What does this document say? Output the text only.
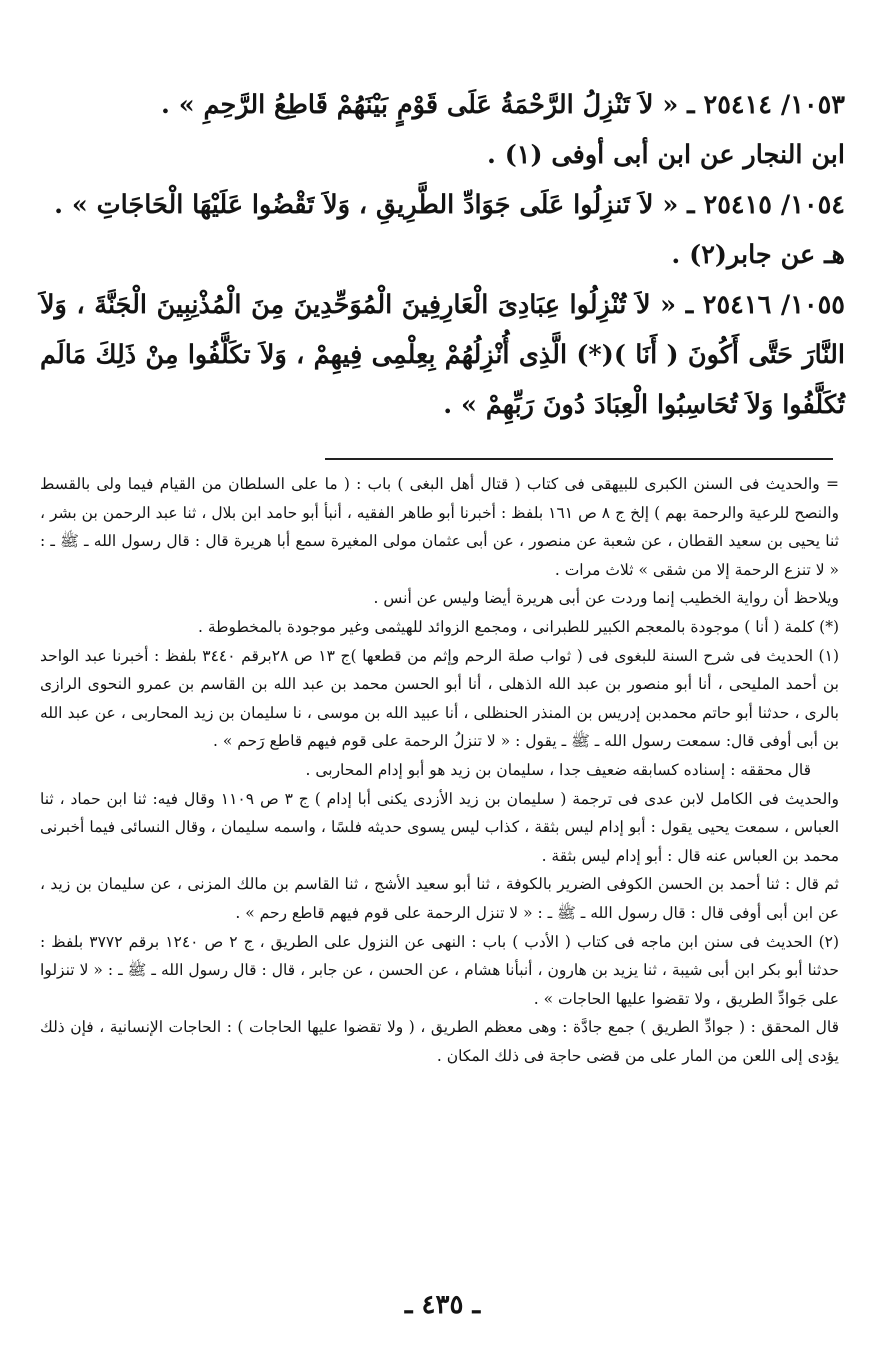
١٠٥٣/ ٢٥٤١٤ ـ « لاَ تَنْزِلُ الرَّحْمَةُ عَلَى قَوْمٍ بَيْنَهُمْ قَاطِعُ الرَّحِمِ » .

ابن النجار عن ابن أبى أوفى (١) .

١٠٥٤/ ٢٥٤١٥ ـ « لاَ تَنزِلُوا عَلَى جَوَادِّ الطَّرِيقِ ، وَلاَ تَقْضُوا عَلَيْهَا الْحَاجَاتِ » .

هـ عن جابر(٢) .

١٠٥٥/ ٢٥٤١٦ ـ « لاَ تُنْزِلُوا عِبَادِىَ الْعَارِفِينَ الْمُوَحِّدِينَ مِنَ الْمُذْنِبِينَ الْجَنَّةَ ، وَلاَ النَّارَ حَتَّى أَكُونَ ( أَنَا )(*) الَّذِى أُنْزِلُهُمْ بِعِلْمِى فِيهِمْ ، وَلاَ تكَلَّفُوا مِنْ ذَلِكَ مَالَم تُكَلَّفُوا وَلاَ تُحَاسِبُوا الْعِبَادَ دُونَ رَبِّهِمْ » .

= والحديث فى السنن الكبرى للبيهقى فى كتاب ( قتال أهل البغى ) باب : ( ما على السلطان من القيام فيما ولى بالقسط والنصح للرعية والرحمة بهم ) إلخ ج ٨ ص ١٦١ بلفظ : أخبرنا أبو طاهر الفقيه ، أنبأ أبو حامد ابن بلال ، ثنا عبد الرحمن بن بشر ، ثنا يحيى بن سعيد القطان ، عن شعبة عن منصور ، عن أبى عثمان مولى المغيرة سمع أبا هريرة قال : قال رسول الله ـ ﷺ ـ : « لا تنزع الرحمة إلا من شقى » ثلاث مرات .

ويلاحظ أن رواية الخطيب إنما وردت عن أبى هريرة أيضا وليس عن أنس .

(*) كلمة ( أنا ) موجودة بالمعجم الكبير للطبرانى ، ومجمع الزوائد للهيثمى وغير موجودة بالمخطوطة .

(١) الحديث فى شرح السنة للبغوى فى ( ثواب صلة الرحم وإثم من قطعها )ج ١٣ ص ٢٨برقم ٣٤٤٠ بلفظ : أخبرنا عبد الواحد بن أحمد المليحى ، أنا أبو منصور بن عبد الله الذهلى ، أنا أبو الحسن محمد بن عبد الله بن القاسم بن عمرو النحوى الرازى بالرى ، حدثنا أبو حاتم محمدبن إدريس بن المنذر الحنظلى ، أنا عبيد الله بن موسى ، نا سليمان بن زيد المحاربى ، عن عبد الله بن أبى أوفى قال: سمعت رسول الله ـ ﷺ ـ يقول : « لا تنزلُ الرحمة على قوم فيهم قاطع رَحم » .

قال محققه : إسناده كسابقه ضعيف جدا ، سليمان بن زيد هو أبو إدام المحاربى .

والحديث فى الكامل لابن عدى فى ترجمة ( سليمان بن زيد الأزدى يكنى أبا إدام ) ج ٣ ص ١١٠٩ وقال فيه: ثنا ابن حماد ، ثنا العباس ، سمعت يحيى يقول : أبو إدام ليس بثقة ، كذاب ليس يسوى حديثه فلسًا ، واسمه سليمان ، وقال النسائى فيما أخبرنى محمد بن العباس عنه قال : أبو إدام ليس بثقة .

ثم قال : ثنا أحمد بن الحسن الكوفى الضرير بالكوفة ، ثنا أبو سعيد الأشج ، ثنا القاسم بن مالك المزنى ، عن سليمان بن زيد ، عن ابن أبى أوفى قال : قال رسول الله ـ ﷺ ـ : « لا تنزل الرحمة على قوم فيهم قاطع رحم » .

(٢) الحديث فى سنن ابن ماجه فى كتاب ( الأدب ) باب : النهى عن النزول على الطريق ، ج ٢ ص ١٢٤٠ برقم ٣٧٧٢ بلفظ : حدثنا أبو بكر ابن أبى شيبة ، ثنا يزيد بن هارون ، أنبأنا هشام ، عن الحسن ، عن جابر ، قال : قال رسول الله ـ ﷺ ـ : « لا تنزلوا على جَوادِّ الطريق ، ولا تقضوا عليها الحاجات » .

قال المحقق : ( جوادِّ الطريق ) جمع جادَّة : وهى معظم الطريق ، ( ولا تقضوا عليها الحاجات ) : الحاجات الإنسانية ، فإن ذلك يؤدى إلى اللعن من المار على من قضى حاجة فى ذلك المكان .

ـ ٤٣٥ ـ
